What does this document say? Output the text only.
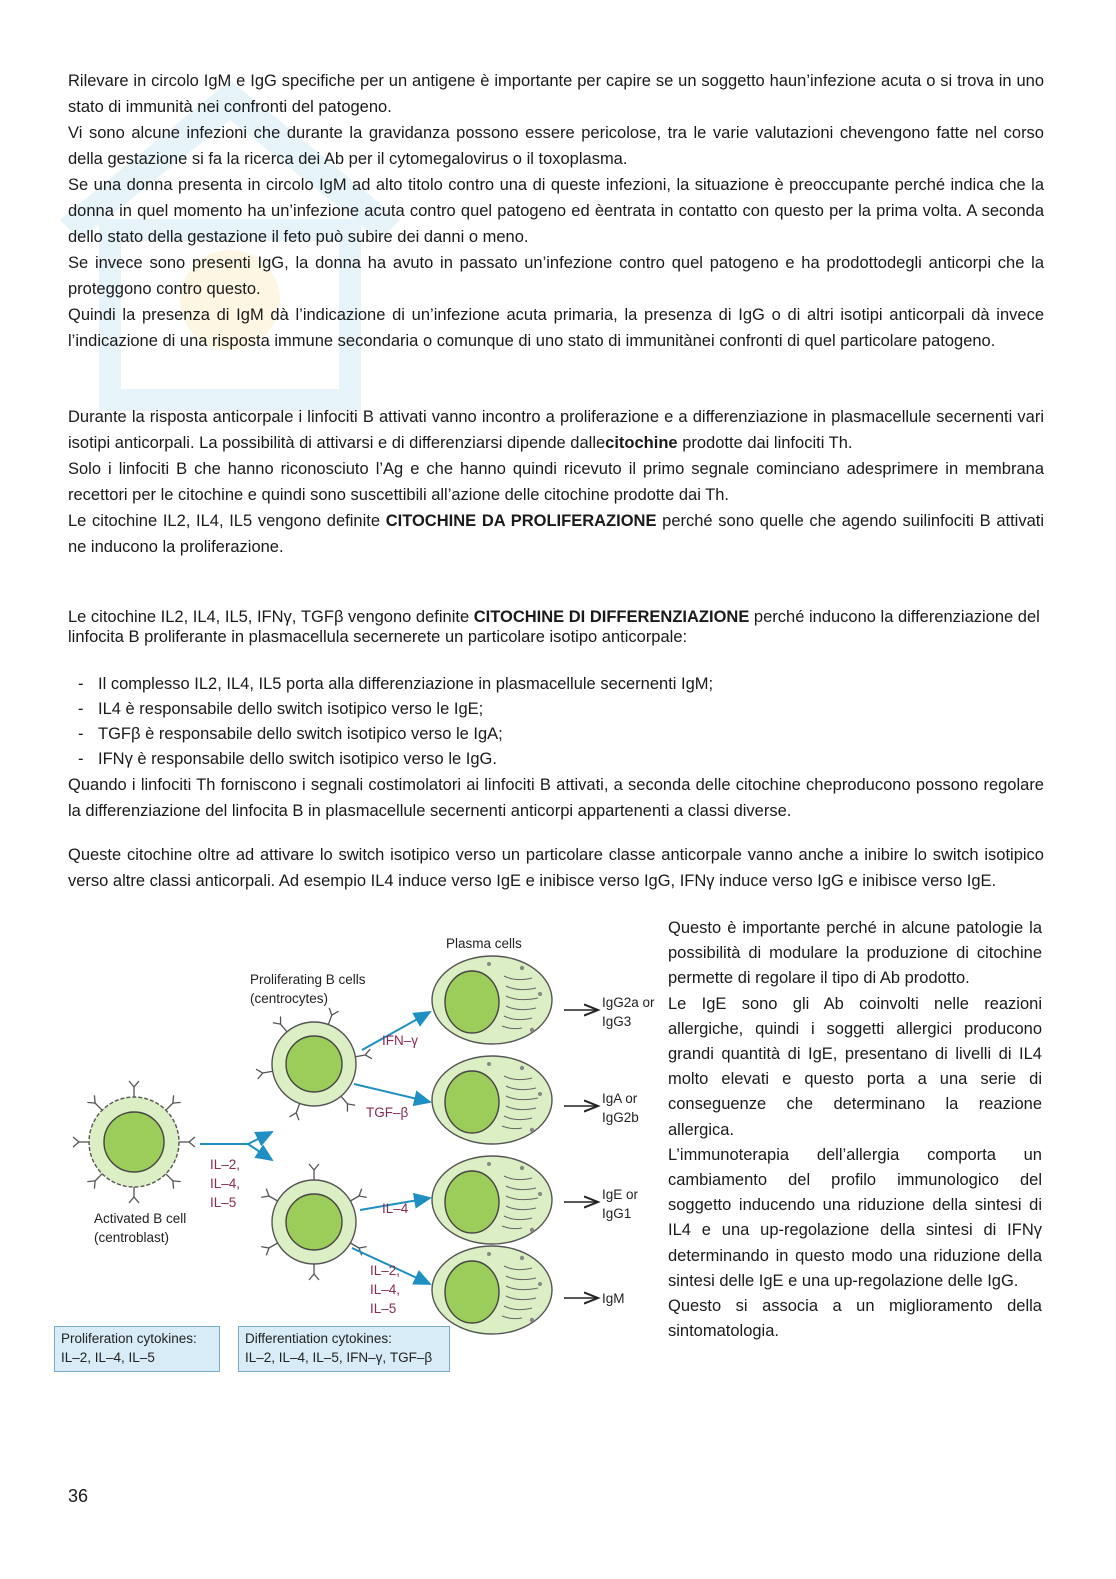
Rilevare in circolo IgM e IgG specifiche per un antigene è importante per capire se un soggetto haun’infezione acuta o si trova in uno stato di immunità nei confronti del patogeno.

Vi sono alcune infezioni che durante la gravidanza possono essere pericolose, tra le varie valutazioni chevengono fatte nel corso della gestazione si fa la ricerca dei Ab per il cytomegalovirus o il toxoplasma.

Se una donna presenta in circolo IgM ad alto titolo contro una di queste infezioni, la situazione è preoccupante perché indica che la donna in quel momento ha un’infezione acuta contro quel patogeno ed èentrata in contatto con questo per la prima volta. A seconda dello stato della gestazione il feto può subire dei danni o meno.

Se invece sono presenti IgG, la donna ha avuto in passato un’infezione contro quel patogeno e ha prodottodegli anticorpi che la proteggono contro questo.

Quindi la presenza di IgM dà l’indicazione di un’infezione acuta primaria, la presenza di IgG o di altri isotipi anticorpali dà invece l’indicazione di una risposta immune secondaria o comunque di uno stato di immunitànei confronti di quel particolare patogeno.

Durante la risposta anticorpale i linfociti B attivati vanno incontro a proliferazione e a differenziazione in plasmacellule secernenti vari isotipi anticorpali. La possibilità di attivarsi e di differenziarsi dipende dallecitochine prodotte dai linfociti Th.

Solo i linfociti B che hanno riconosciuto l’Ag e che hanno quindi ricevuto il primo segnale cominciano adesprimere in membrana recettori per le citochine e quindi sono suscettibili all’azione delle citochine prodotte dai Th.

Le citochine IL2, IL4, IL5 vengono definite CITOCHINE DA PROLIFERAZIONE perché sono quelle che agendo suilinfociti B attivati ne inducono la proliferazione.

Le citochine IL2, IL4, IL5, IFNγ, TGFβ vengono definite CITOCHINE DI DIFFERENZIAZIONE perché inducono la differenziazione del linfocita B proliferante in plasmacellula secernerete un particolare isotipo anticorpale:

- Il complesso IL2, IL4, IL5 porta alla differenziazione in plasmacellule secernenti IgM;
- IL4 è responsabile dello switch isotipico verso le IgE;
- TGFβ è responsabile dello switch isotipico verso le IgA;
- IFNγ è responsabile dello switch isotipico verso le IgG.

Quando i linfociti Th forniscono i segnali costimolatori ai linfociti B attivati, a seconda delle citochine cheproducono possono regolare la differenziazione del linfocita B in plasmacellule secernenti anticorpi appartenenti a classi diverse.

Queste citochine oltre ad attivare lo switch isotipico verso un particolare classe anticorpale vanno anche a inibire lo switch isotipico verso altre classi anticorpali. Ad esempio IL4 induce verso IgE e inibisce verso IgG, IFNγ induce verso IgG e inibisce verso IgE.

Questo è importante perché in alcune patologie la possibilità di modulare la produzione di citochine permette di regolare il tipo di Ab prodotto.

Le IgE sono gli Ab coinvolti nelle reazioni allergiche, quindi i soggetti allergici producono grandi quantità di IgE, presentano di livelli di IL4 molto elevati e questo porta a una serie di conseguenze che determinano la reazione allergica.

L’immunoterapia dell’allergia comporta un cambiamento del profilo immunologico del soggetto inducendo una riduzione della sintesi di IL4 e una up-regolazione della sintesi di IFNγ determinando in questo modo una riduzione della sintesi delle IgE e una up-regolazione delle IgG.

Questo si associa a un miglioramento della sintomatologia.

Plasma cells
Proliferating B cells
(centrocytes)
Activated B cell
(centroblast)
IL–2,
IL–4,
IL–5
IFN–γ
TGF–β
IL–4
IL–2,
IL–4,
IL–5
IgG2a or
IgG3
IgA or
IgG2b
IgE or
IgG1
IgM
Proliferation cytokines:
IL–2, IL–4, IL–5
Differentiation cytokines:
IL–2, IL–4, IL–5, IFN–γ, TGF–β
36
